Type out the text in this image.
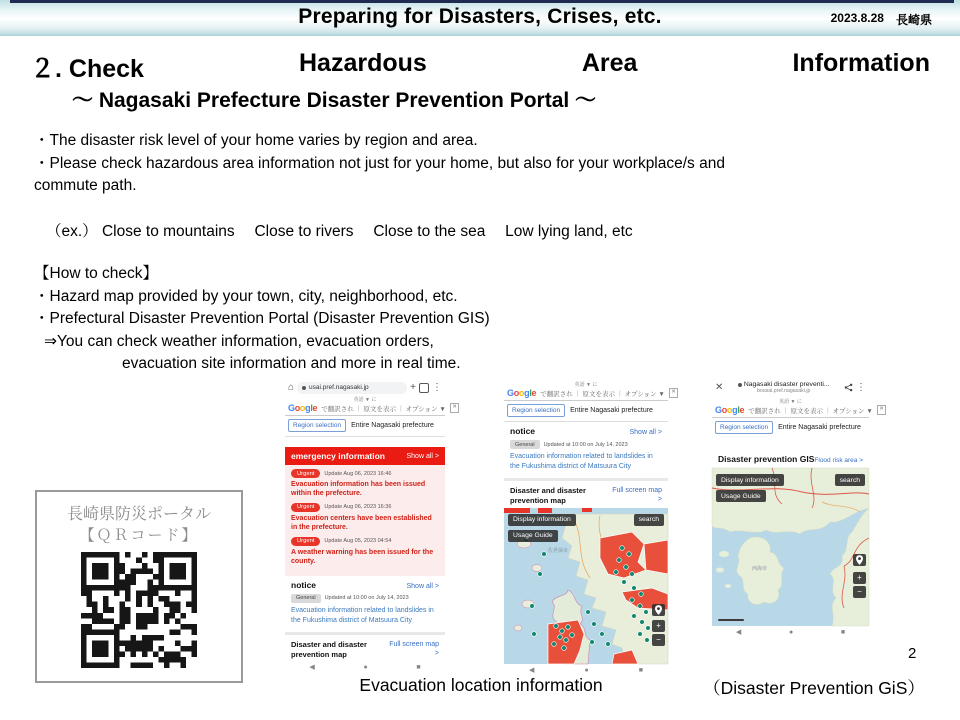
Preparing for Disasters, Crises, etc.	2023.8.28 長崎県
２. Check	Hazardous	Area	Information
～ Nagasaki Prefecture Disaster Prevention Portal ～
・The disaster risk level of your home varies by region and area.
・Please check hazardous area information not just for your home, but also for your workplace/s and
commute path.
（ex.） Close to mountains　 Close to rivers　 Close to the sea　 Low lying land, etc
【How to check】
・Hazard map provided by your town, city, neighborhood, etc.
・Prefectural Disaster Prevention Portal (Disaster Prevention GIS)
⇒You can check weather information, evacuation orders,
evacuation site information and more in real time.
長崎県防災ポータル
【ＱＲコード】
⌂ usai.pref.nagasaki.jp	+ ⋮
英語 ▼ に
Google で翻訳され | 原文を表示 | オプション ▼	✕
Region selection	Entire Nagasaki prefecture
emergency information	Show all >
Urgent	Update Aug 06, 2023 16:46
Evacuation information has been issued within the prefecture.
Urgent	Update Aug 06, 2023 16:36
Evacuation centers have been established in the prefecture.
Urgent	Update Aug 05, 2023 04:54
A weather warning has been issued for the county.
notice	Show all >
General	Updated at 10:00 on July 14, 2023
Evacuation information related to landslides in the Fukushima district of Matsuura City
Disaster and disaster prevention map
Full screen map >
◀	●	■
英語 ▼ に
Google で翻訳され | 原文を表示 | オプション ▼	✕
Region selection	Entire Nagasaki prefecture
notice	Show all >
General	Updated at 10:00 on July 14, 2023
Evacuation information related to landslides in the Fukushima district of Matsuura City
Disaster and disaster prevention map
Full screen map >
佐世保市
Display information	search
Usage Guide
+
−
◀	●	■
✕	Nagasaki disaster preventi...
bousai.pref.nagasaki.jp	⋮
英語 ▼ に
Google で翻訳され | 原文を表示 | オプション ▼	✕
Region selection	Entire Nagasaki prefecture
Disaster prevention GIS Flood risk area >
西海市
Display information	search
Usage Guide
+
−
◀	●	■
Evacuation location information	（Disaster Prevention GiS）
2
